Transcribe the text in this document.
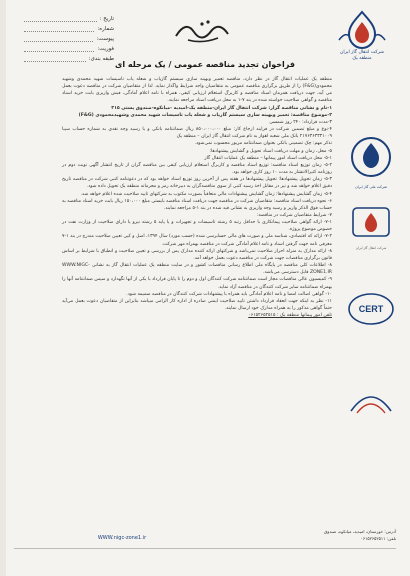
شرکت انتقال گاز ایران
منطقه یک
تاریخ :
شماره:
پیوست:
فوریت:
طبقه بندی:
فراخوان تجدید مناقصه عمومی / یک مرحله ای

منطقه یک عملیات انتقال گاز در نظر دارد، مناقصه تعمیر وبهینه سازی سیستم گازیاب و شعله یاب تاسیسات شهید محمدی وشهید محمودی(F&G) را از طریق برگزاری مناقصه عمومی به متقاضیان واجد شرایط واگذار نماید. لذا از متقاضیان شرکت در مناقصه دعوت بعمل می آید، جهت دریافت همزمان اسناد مناقصه و کاربرگ استعلام ارزیابی کیفی، همراه با نامه اعلام آمادگی، فیش واریزی بابت خرید اسناد مناقصه و گواهی صلاحیت خواسته شده در بند ۷-۱ به محل دریافت اسناد مراجعه نمایند.

۱-نام و نشانی مناقصه گزار: شرکت انتقال گاز ایران-منطقه یک-امیدیه -میانکوه-صندوق پستی ۳۱۵

۲-موضوع مناقصه: تعمیر وبهینه سازی سیستم گازیاب و شعله یاب تاسیسات شهید محمدی وشهیدمحمودی (F&G)

۳-مدت قرارداد: ۲۴۰ روز شمسی

۴-نوع و مبلغ تضمین شرکت در فرایند ارجاع کار: مبلغ ۸۵۰،۰۰۰،۰۰۰ ریال ضمانتنامه بانکی و یا رسید وجه نقدی به شماره حساب سیبا ۲۱۷۶۳۶۳۳۳۱۰۰۹ بانک ملی شعبه اهواز به نام شرکت انتقال گاز ایران – منطقه یک

تذکر مهم: چک تضمینی بانکی بعنوان ضمانتنامه مزبور محسوب نمی‌شود.

۵- محل، زمان و مهلت دریافت اسناد تحویل و گشایش پیشنهادها:

۵-۱- محل دریافت اسناد امور پیمانها – منطقه یک عملیات انتقال گاز

۵-۲- زمان توزیع اسناد مناقصه: توزیع اسناد مناقصه و کاربرگ استعلام ارزیابی کیفی بین مناقصه گران از تاریخ انتشار آگهی نوبت دوم در روزنامه کثیرالانتشار به مدت ۱۰ روز کاری خواهد بود.

۵-۳- زمان تحویل پیشنهادها: تحویل پیشنهادها در هفته پس از آخرین روز توزیع اسناد خواهد بود که در دعوتنامه کتبی شرکت در مناقصه تاریخ دقیق اعلام خواهد شد و نیز در مقابل اخذ رسید کتبی از سوی مناقصه‌گران به دبیرخانه رمز و محرمانه منطقه یک تحویل داده شود.

۵-۴- زمان گشایش پیشنهادها: زمان گشایش پیشنهادات مالی متعاقباً بصورت مکتوب به شرکتهای تایید صلاحیت شده اعلام خواهد شد.

۶- نحوه دریافت اسناد مناقصه: متقاضیان شرکت در مناقصه جهت دریافت اسناد مناقصه بایستی مبلغ ۱۵۰،۰۰۰ ریال بابت خرید اسناد مناقصه به حساب فوق الذکر واریز و رسید وجه واریزی به نشانی قید شده در بند ۱-۵ مراجعه نمایند.

۷- شرایط متقاضیان شرکت در مناقصه:

۷-۱- ارائه گواهی صلاحیت پیمانکاری با حداقل رتبه ۵ رشته تاسیسات و تجهیزات و یا پایه ۵ رشته نیرو یا دارای صلاحیت از وزارت نفت در خصوص موضوع پروژه.

۷-۲- ارائه که اقتصادی، شناسه ملی و صورت های مالی حسابرسی شده (حسب مورد) سال ۱۳۹۴، اصل و کپی تعیین صلاحیت مندرج در بند ۱-۷ معرفی نامه جهت گرفتن اسناد و نامه اعلام آمادگی شرکت در مناقصه بهمراه مهر شرکت.

۸- ارائه مدارک به منزله احراز صلاحیت نمی‌باشد و شرکتهای ارائه کننده مدارک پس از بررسی و تعیین صلاحیت و انطباق با شرایط بر اساس قانون برگزاری مناقصات جهت شرکت در مناقصه دعوت بعمل خواهد آمد.

۸- اطلاعات کلی مناقصه در پایگاه ملی اطلاع رسانی مناقصات کشور و در سایت منطقه یک عملیات انتقال گاز به نشانی WWW.NIGC-ZONE1.IR قابل دسترسی می‌باشد.

۹- کمیسیون عالی مناقصات مجاز است ضمانتنامه شرکت کنندگان اول و دوم را تا پایان قرارداد با یکی از آنها نگهدارد و سپس ضمانتنامه آنها را بهمراه ضمانتنامه سایر شرکت کنندگان در مناقصه آزاد نماید.

۱۰- گواهی اصالت امضا و نامه اعلام آمادگی باید همراه با پیشنهادات شرکت کنندگان در مناقصه ضمیمه شود.

۱۱- نظر به اینکه جهت انعقاد قرارداد داشتن تایید صلاحیت ایمنی صادره از اداره کار الزامی میباشد بنابراین از متقاضیان دعوت بعمل می‌آید حتماً گواهی مذکور را به همراه مدارک خود ارسال نمایند.

تلفن امور پیمانها منطقه یک : ۰۶۱۵۲۶۵۲۵۱۵

شرکت ملی گاز ایران
شرکت انتقال گاز ایران
CERT
WWW.nigc-zone1.ir
آدرس: خوزستان، امیدیه، میانکوه، صندوق
تلفن: ۰۶۱۵۲۶۵۲۵۱۱
